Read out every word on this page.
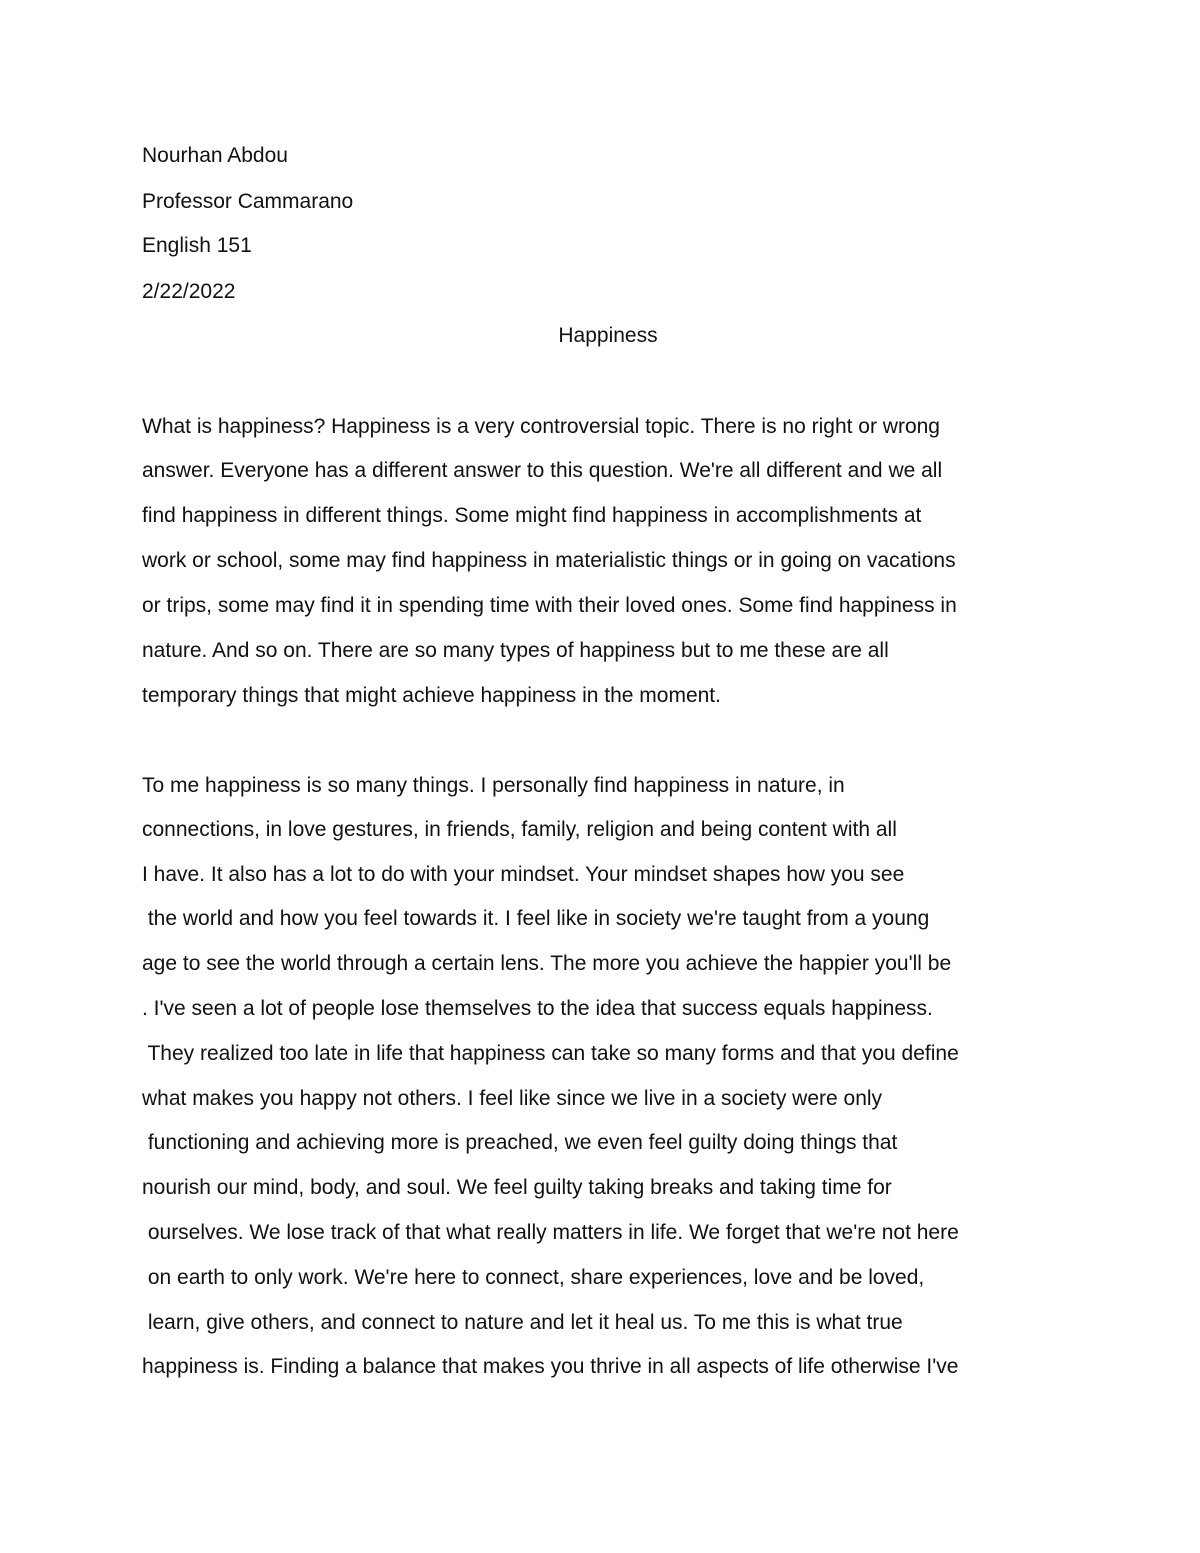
Nourhan Abdou

Professor Cammarano

English 151

2/22/2022

Happiness

What is happiness? Happiness is a very controversial topic. There is no right or wrong

answer. Everyone has a different answer to this question. We're all different and we all

find happiness in different things. Some might find happiness in accomplishments at

work or school, some may find happiness in materialistic things or in going on vacations

or trips, some may find it in spending time with their loved ones. Some find happiness in

nature. And so on. There are so many types of happiness but to me these are all

temporary things that might achieve happiness in the moment.

To me happiness is so many things. I personally find happiness in nature, in

connections, in love gestures, in friends, family, religion and being content with all

I have. It also has a lot to do with your mindset. Your mindset shapes how you see

the world and how you feel towards it. I feel like in society we're taught from a young

age to see the world through a certain lens. The more you achieve the happier you'll be

. I've seen a lot of people lose themselves to the idea that success equals happiness.

They realized too late in life that happiness can take so many forms and that you define

what makes you happy not others. I feel like since we live in a society were only

functioning and achieving more is preached, we even feel guilty doing things that

nourish our mind, body, and soul. We feel guilty taking breaks and taking time for

ourselves. We lose track of that what really matters in life. We forget that we're not here

on earth to only work. We're here to connect, share experiences, love and be loved,

learn, give others, and connect to nature and let it heal us. To me this is what true

happiness is. Finding a balance that makes you thrive in all aspects of life otherwise I've
